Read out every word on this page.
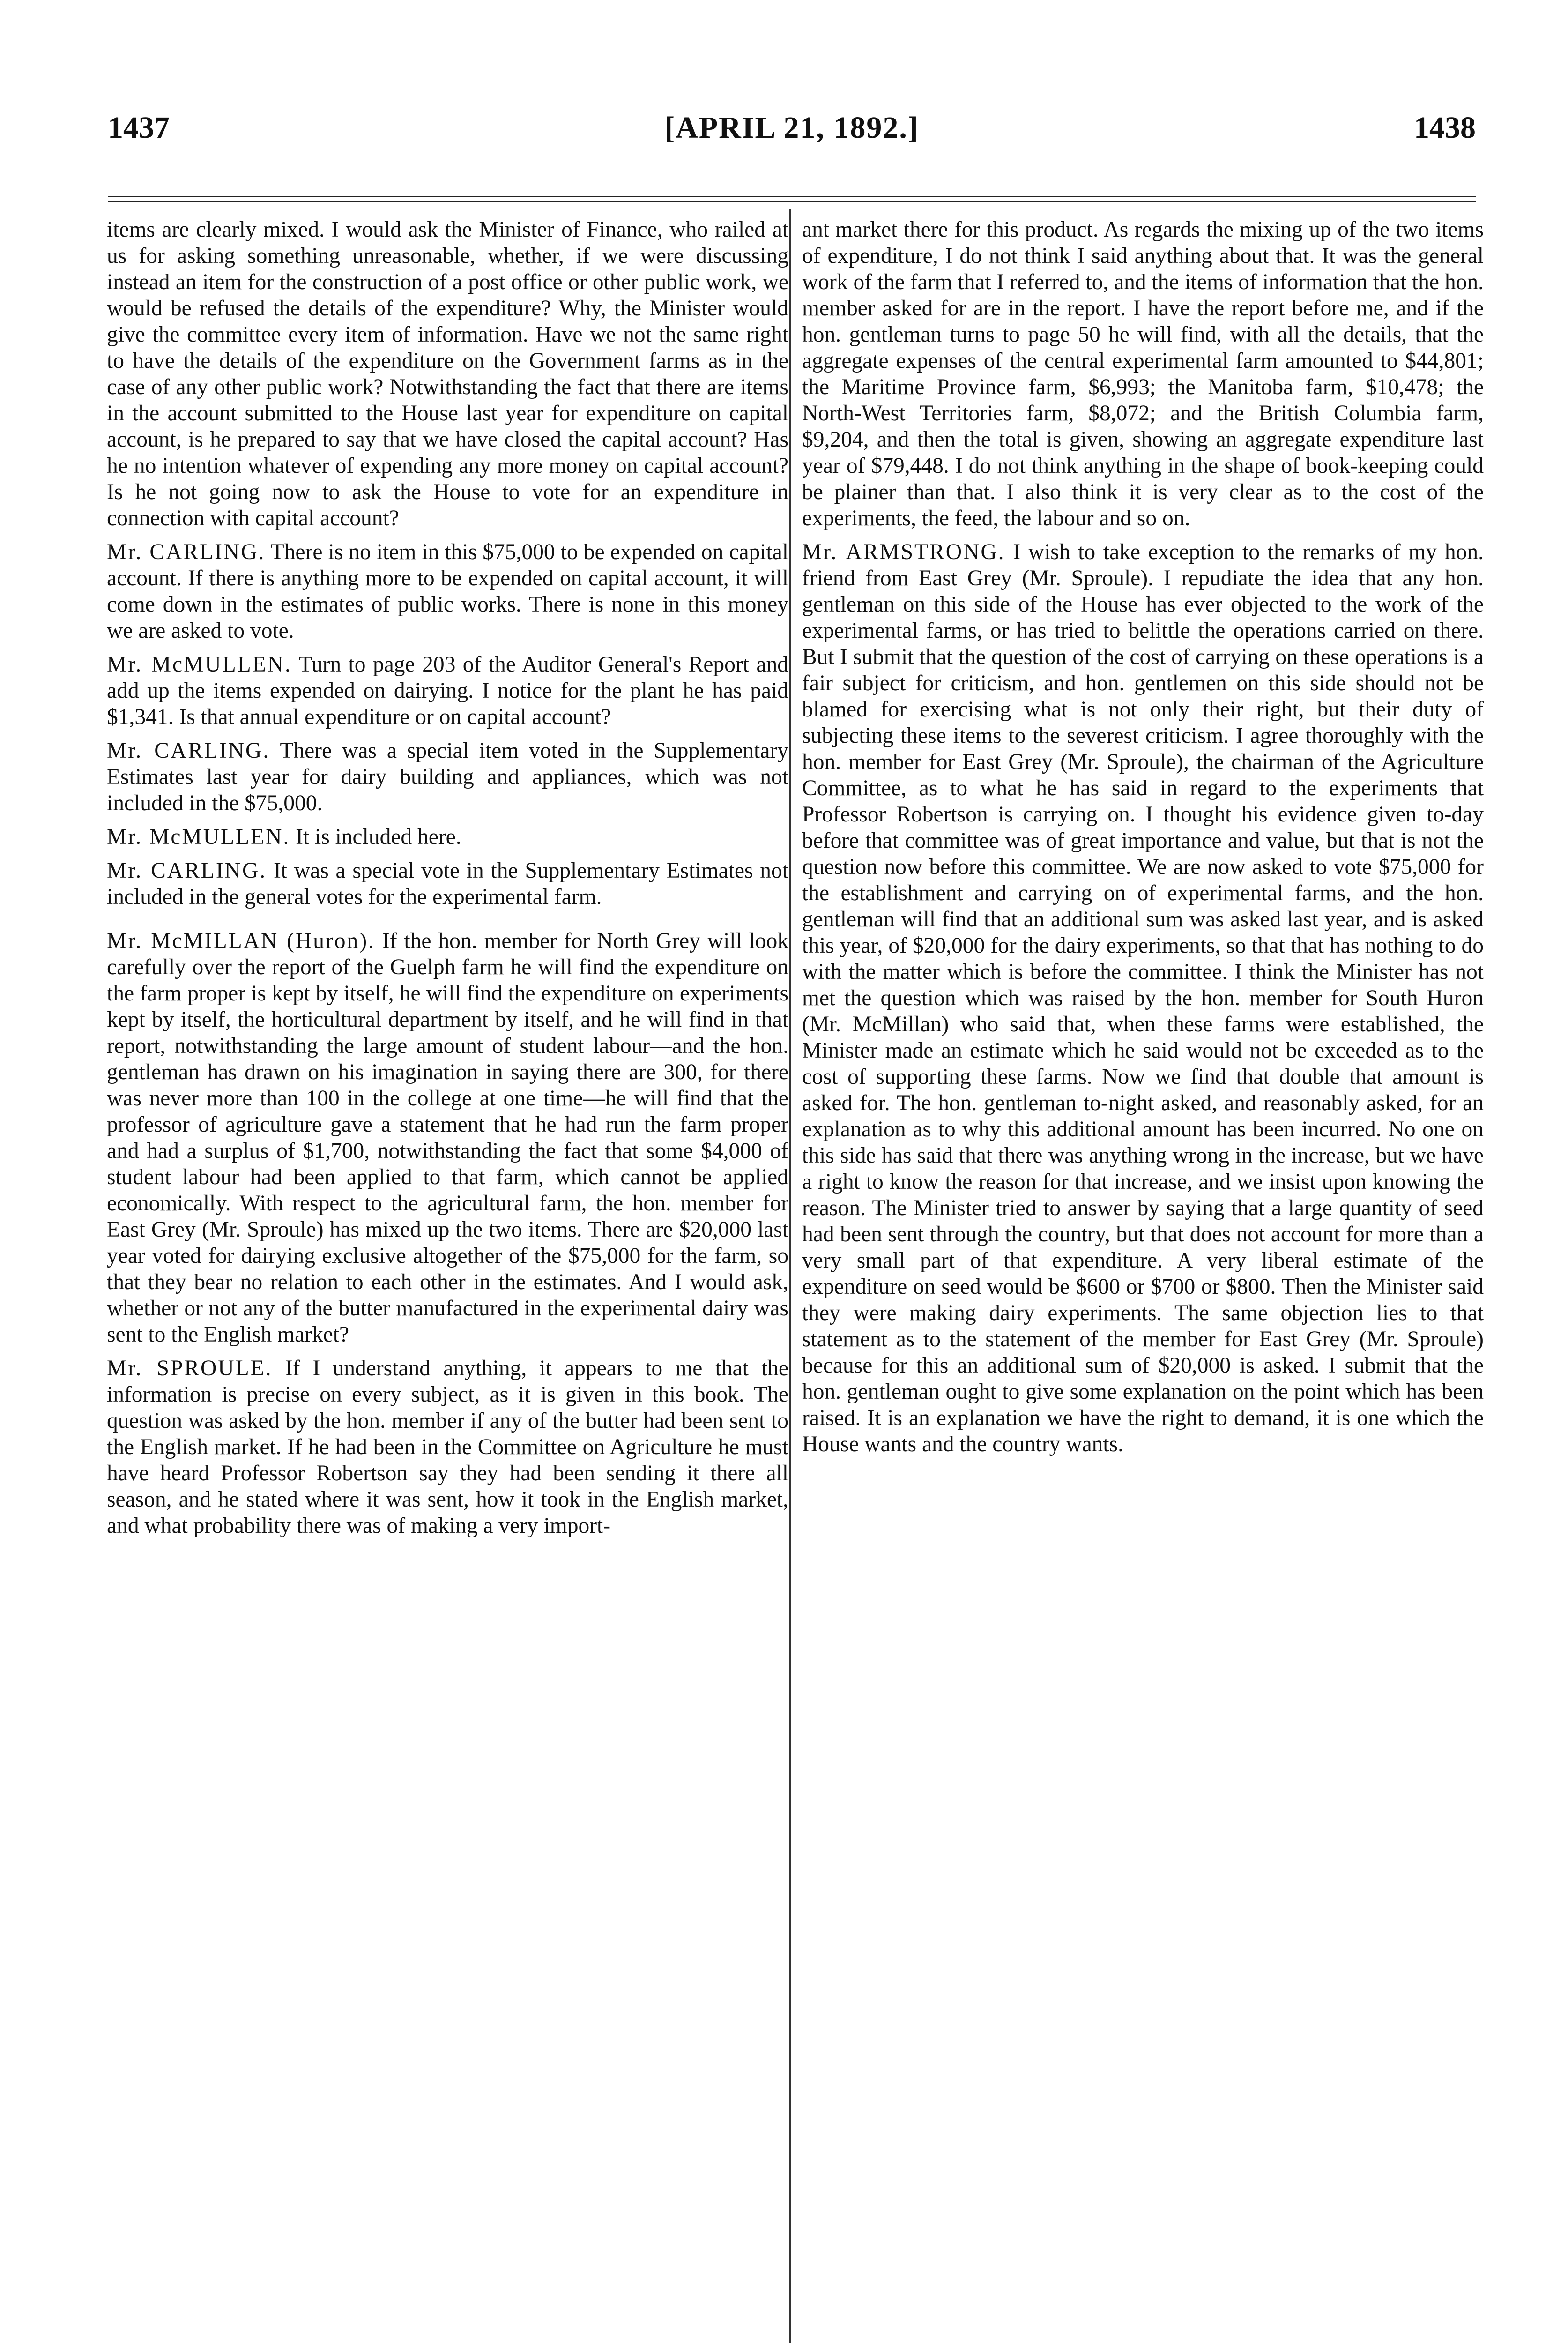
1437	[APRIL 21, 1892.]	1438

items are clearly mixed. I would ask the Minister of Finance, who railed at us for asking something unreasonable, whether, if we were discussing instead an item for the construction of a post office or other public work, we would be refused the details of the expenditure? Why, the Minister would give the committee every item of information. Have we not the same right to have the details of the expenditure on the Government farms as in the case of any other public work? Notwithstanding the fact that there are items in the account submitted to the House last year for expenditure on capital account, is he prepared to say that we have closed the capital account? Has he no intention whatever of expending any more money on capital account? Is he not going now to ask the House to vote for an expenditure in connection with capital account?

Mr. CARLING. There is no item in this $75,000 to be expended on capital account. If there is anything more to be expended on capital account, it will come down in the estimates of public works. There is none in this money we are asked to vote.

Mr. McMULLEN. Turn to page 203 of the Auditor General's Report and add up the items expended on dairying. I notice for the plant he has paid $1,341. Is that annual expenditure or on capital account?

Mr. CARLING. There was a special item voted in the Supplementary Estimates last year for dairy building and appliances, which was not included in the $75,000.

Mr. McMULLEN. It is included here.

Mr. CARLING. It was a special vote in the Supplementary Estimates not included in the general votes for the experimental farm.

Mr. McMILLAN (Huron). If the hon. member for North Grey will look carefully over the report of the Guelph farm he will find the expenditure on the farm proper is kept by itself, he will find the expenditure on experiments kept by itself, the horticultural department by itself, and he will find in that report, notwithstanding the large amount of student labour—and the hon. gentleman has drawn on his imagination in saying there are 300, for there was never more than 100 in the college at one time—he will find that the professor of agriculture gave a statement that he had run the farm proper and had a surplus of $1,700, notwithstanding the fact that some $4,000 of student labour had been applied to that farm, which cannot be applied economically. With respect to the agricultural farm, the hon. member for East Grey (Mr. Sproule) has mixed up the two items. There are $20,000 last year voted for dairying exclusive altogether of the $75,000 for the farm, so that they bear no relation to each other in the estimates. And I would ask, whether or not any of the butter manufactured in the experimental dairy was sent to the English market?

Mr. SPROULE. If I understand anything, it appears to me that the information is precise on every subject, as it is given in this book. The question was asked by the hon. member if any of the butter had been sent to the English market. If he had been in the Committee on Agriculture he must have heard Professor Robertson say they had been sending it there all season, and he stated where it was sent, how it took in the English market, and what probability there was of making a very import-

ant market there for this product. As regards the mixing up of the two items of expenditure, I do not think I said anything about that. It was the general work of the farm that I referred to, and the items of information that the hon. member asked for are in the report. I have the report before me, and if the hon. gentleman turns to page 50 he will find, with all the details, that the aggregate expenses of the central experimental farm amounted to $44,801; the Maritime Province farm, $6,993; the Manitoba farm, $10,478; the North-West Territories farm, $8,072; and the British Columbia farm, $9,204, and then the total is given, showing an aggregate expenditure last year of $79,448. I do not think anything in the shape of book-keeping could be plainer than that. I also think it is very clear as to the cost of the experiments, the feed, the labour and so on.

Mr. ARMSTRONG. I wish to take exception to the remarks of my hon. friend from East Grey (Mr. Sproule). I repudiate the idea that any hon. gentleman on this side of the House has ever objected to the work of the experimental farms, or has tried to belittle the operations carried on there. But I submit that the question of the cost of carrying on these operations is a fair subject for criticism, and hon. gentlemen on this side should not be blamed for exercising what is not only their right, but their duty of subjecting these items to the severest criticism. I agree thoroughly with the hon. member for East Grey (Mr. Sproule), the chairman of the Agriculture Committee, as to what he has said in regard to the experiments that Professor Robertson is carrying on. I thought his evidence given to-day before that committee was of great importance and value, but that is not the question now before this committee. We are now asked to vote $75,000 for the establishment and carrying on of experimental farms, and the hon. gentleman will find that an additional sum was asked last year, and is asked this year, of $20,000 for the dairy experiments, so that that has nothing to do with the matter which is before the committee. I think the Minister has not met the question which was raised by the hon. member for South Huron (Mr. McMillan) who said that, when these farms were established, the Minister made an estimate which he said would not be exceeded as to the cost of supporting these farms. Now we find that double that amount is asked for. The hon. gentleman to-night asked, and reasonably asked, for an explanation as to why this additional amount has been incurred. No one on this side has said that there was anything wrong in the increase, but we have a right to know the reason for that increase, and we insist upon knowing the reason. The Minister tried to answer by saying that a large quantity of seed had been sent through the country, but that does not account for more than a very small part of that expenditure. A very liberal estimate of the expenditure on seed would be $600 or $700 or $800. Then the Minister said they were making dairy experiments. The same objection lies to that statement as to the statement of the member for East Grey (Mr. Sproule) because for this an additional sum of $20,000 is asked. I submit that the hon. gentleman ought to give some explanation on the point which has been raised. It is an explanation we have the right to demand, it is one which the House wants and the country wants.
